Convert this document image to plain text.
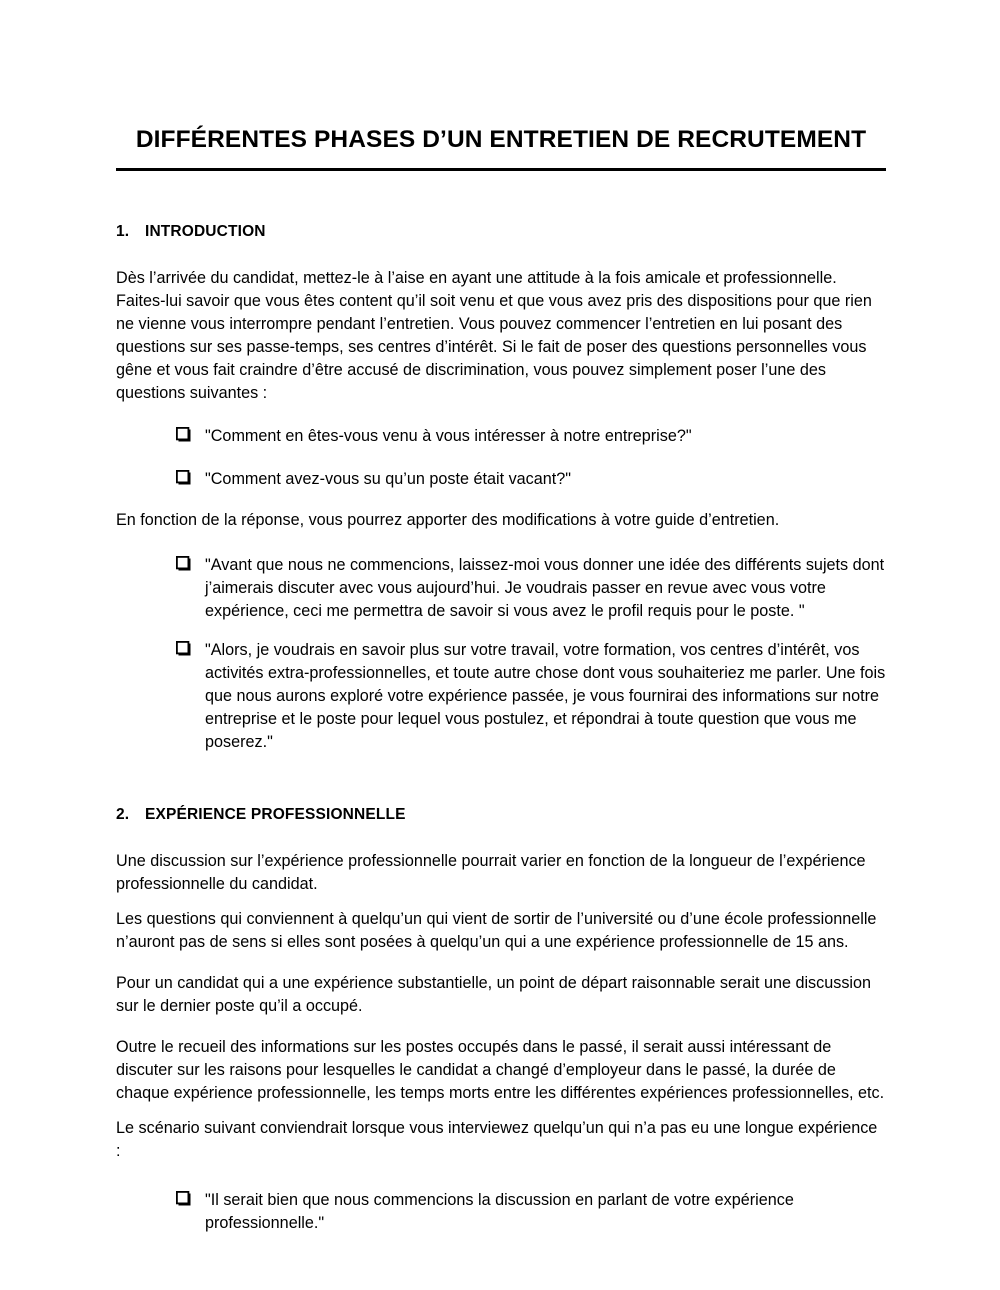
DIFFÉRENTES PHASES D’UN ENTRETIEN DE RECRUTEMENT
1.	INTRODUCTION

Dès l’arrivée du candidat, mettez-le à l’aise en ayant une attitude à la fois amicale et professionnelle. Faites-lui savoir que vous êtes content qu’il soit venu et que vous avez pris des dispositions pour que rien ne vienne vous interrompre pendant l’entretien. Vous pouvez commencer l’entretien en lui posant des questions sur ses passe-temps, ses centres d’intérêt. Si le fait de poser des questions personnelles vous gêne et vous fait craindre d’être accusé de discrimination, vous pouvez simplement poser l’une des questions suivantes :

"Comment en êtes-vous venu à vous intéresser à notre entreprise?"
"Comment avez-vous su qu’un poste était vacant?"

En fonction de la réponse, vous pourrez apporter des modifications à votre guide d’entretien.

"Avant que nous ne commencions, laissez-moi vous donner une idée des différents sujets dont j’aimerais discuter avec vous aujourd’hui. Je voudrais passer en revue avec vous votre expérience, ceci me permettra de savoir si vous avez le profil requis pour le poste. "
"Alors, je voudrais en savoir plus sur votre travail, votre formation, vos centres d’intérêt, vos activités extra-professionnelles, et toute autre chose dont vous souhaiteriez me parler. Une fois que nous aurons exploré votre expérience passée, je vous fournirai des informations sur notre entreprise et le poste pour lequel vous postulez, et répondrai à toute question que vous me poserez."
2.	EXPÉRIENCE PROFESSIONNELLE

Une discussion sur l’expérience professionnelle pourrait varier en fonction de la longueur de l’expérience professionnelle du candidat.

Les questions qui conviennent à quelqu’un qui vient de sortir de l’université ou d’une école professionnelle n’auront pas de sens si elles sont posées à quelqu’un qui a une expérience professionnelle de 15 ans.

Pour un candidat qui a une expérience substantielle, un point de départ raisonnable serait une discussion sur le dernier poste qu’il a occupé.

Outre le recueil des informations sur les postes occupés dans le passé, il serait aussi intéressant de discuter sur les raisons pour lesquelles le candidat a changé d’employeur dans le passé, la durée de chaque expérience professionnelle, les temps morts entre les différentes expériences professionnelles, etc.

Le scénario suivant conviendrait lorsque vous interviewez quelqu’un qui n’a pas eu une longue expérience :

"Il serait bien que nous commencions la discussion en parlant de votre expérience professionnelle."
